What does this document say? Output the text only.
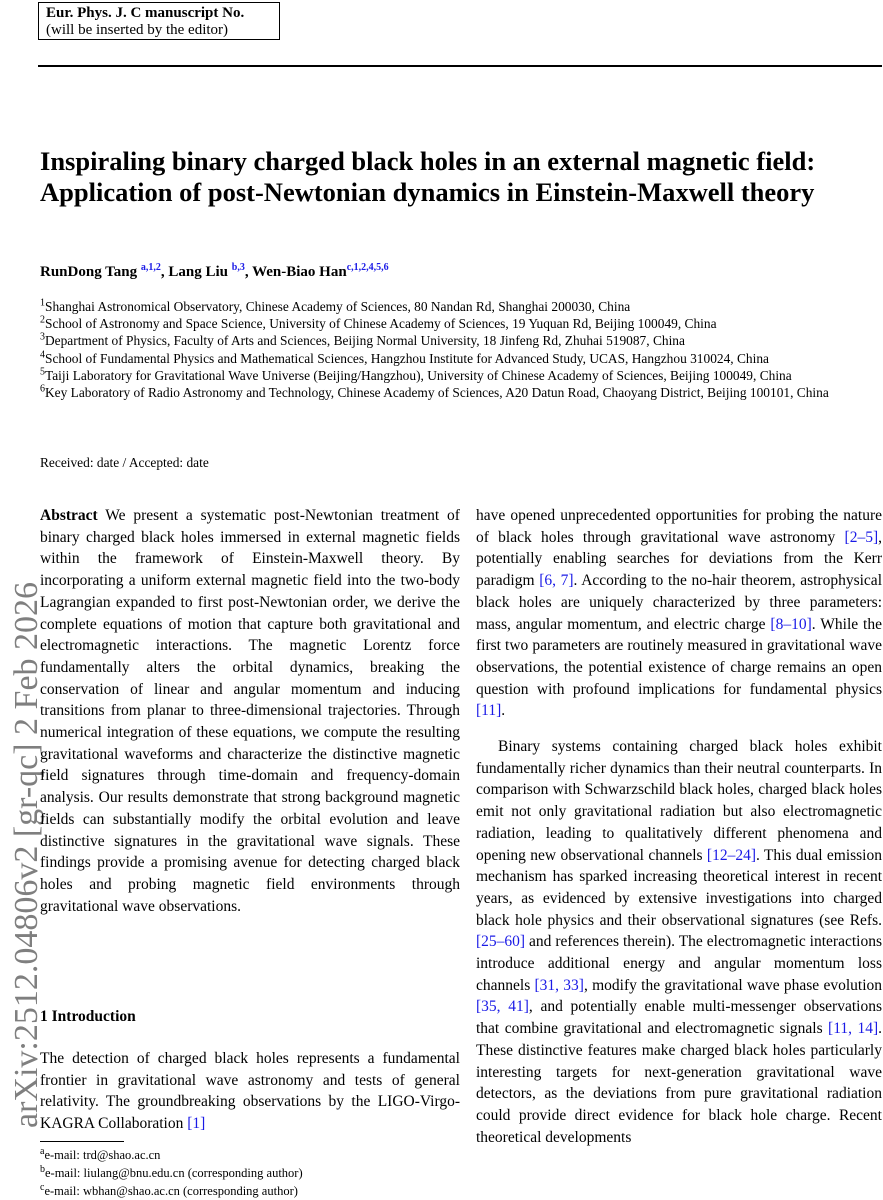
Eur. Phys. J. C manuscript No.
(will be inserted by the editor)
arXiv:2512.04806v2 [gr-qc] 2 Feb 2026
Inspiraling binary charged black holes in an external magnetic field: Application of post-Newtonian dynamics in Einstein-Maxwell theory
RunDong Tang $^{a,1,2}$, Lang Liu $^{b,3}$, Wen-Biao Han$^{c,1,2,4,5,6}$

$^1$Shanghai Astronomical Observatory, Chinese Academy of Sciences, 80 Nandan Rd, Shanghai 200030, China

$^2$School of Astronomy and Space Science, University of Chinese Academy of Sciences, 19 Yuquan Rd, Beijing 100049, China

$^3$Department of Physics, Faculty of Arts and Sciences, Beijing Normal University, 18 Jinfeng Rd, Zhuhai 519087, China

$^4$School of Fundamental Physics and Mathematical Sciences, Hangzhou Institute for Advanced Study, UCAS, Hangzhou 310024, China

$^5$Taiji Laboratory for Gravitational Wave Universe (Beijing/Hangzhou), University of Chinese Academy of Sciences, Beijing 100049, China

$^6$Key Laboratory of Radio Astronomy and Technology, Chinese Academy of Sciences, A20 Datun Road, Chaoyang District, Beijing 100101, China

Received: date / Accepted: date

Abstract We present a systematic post-Newtonian treatment of binary charged black holes immersed in external magnetic fields within the framework of Einstein-Maxwell theory. By incorporating a uniform external magnetic field into the two-body Lagrangian expanded to first post-Newtonian order, we derive the complete equations of motion that capture both gravitational and electromagnetic interactions. The magnetic Lorentz force fundamentally alters the orbital dynamics, breaking the conservation of linear and angular momentum and inducing transitions from planar to three-dimensional trajectories. Through numerical integration of these equations, we compute the resulting gravitational waveforms and characterize the distinctive magnetic field signatures through time-domain and frequency-domain analysis. Our results demonstrate that strong background magnetic fields can substantially modify the orbital evolution and leave distinctive signatures in the gravitational wave signals. These findings provide a promising avenue for detecting charged black holes and probing magnetic field environments through gravitational wave observations.

1 Introduction

The detection of charged black holes represents a fundamental frontier in gravitational wave astronomy and tests of general relativity. The groundbreaking observations by the LIGO-Virgo-KAGRA Collaboration [1]

have opened unprecedented opportunities for probing the nature of black holes through gravitational wave astronomy [2–5], potentially enabling searches for deviations from the Kerr paradigm [6, 7]. According to the no-hair theorem, astrophysical black holes are uniquely characterized by three parameters: mass, angular momentum, and electric charge [8–10]. While the first two parameters are routinely measured in gravitational wave observations, the potential existence of charge remains an open question with profound implications for fundamental physics [11].

Binary systems containing charged black holes exhibit fundamentally richer dynamics than their neutral counterparts. In comparison with Schwarzschild black holes, charged black holes emit not only gravitational radiation but also electromagnetic radiation, leading to qualitatively different phenomena and opening new observational channels [12–24]. This dual emission mechanism has sparked increasing theoretical interest in recent years, as evidenced by extensive investigations into charged black hole physics and their observational signatures (see Refs. [25–60] and references therein). The electromagnetic interactions introduce additional energy and angular momentum loss channels [31, 33], modify the gravitational wave phase evolution [35, 41], and potentially enable multi-messenger observations that combine gravitational and electromagnetic signals [11, 14]. These distinctive features make charged black holes particularly interesting targets for next-generation gravitational wave detectors, as the deviations from pure gravitational radiation could provide direct evidence for black hole charge. Recent theoretical developments

$^a$e-mail: trd@shao.ac.cn

$^b$e-mail: liulang@bnu.edu.cn (corresponding author)

$^c$e-mail: wbhan@shao.ac.cn (corresponding author)
